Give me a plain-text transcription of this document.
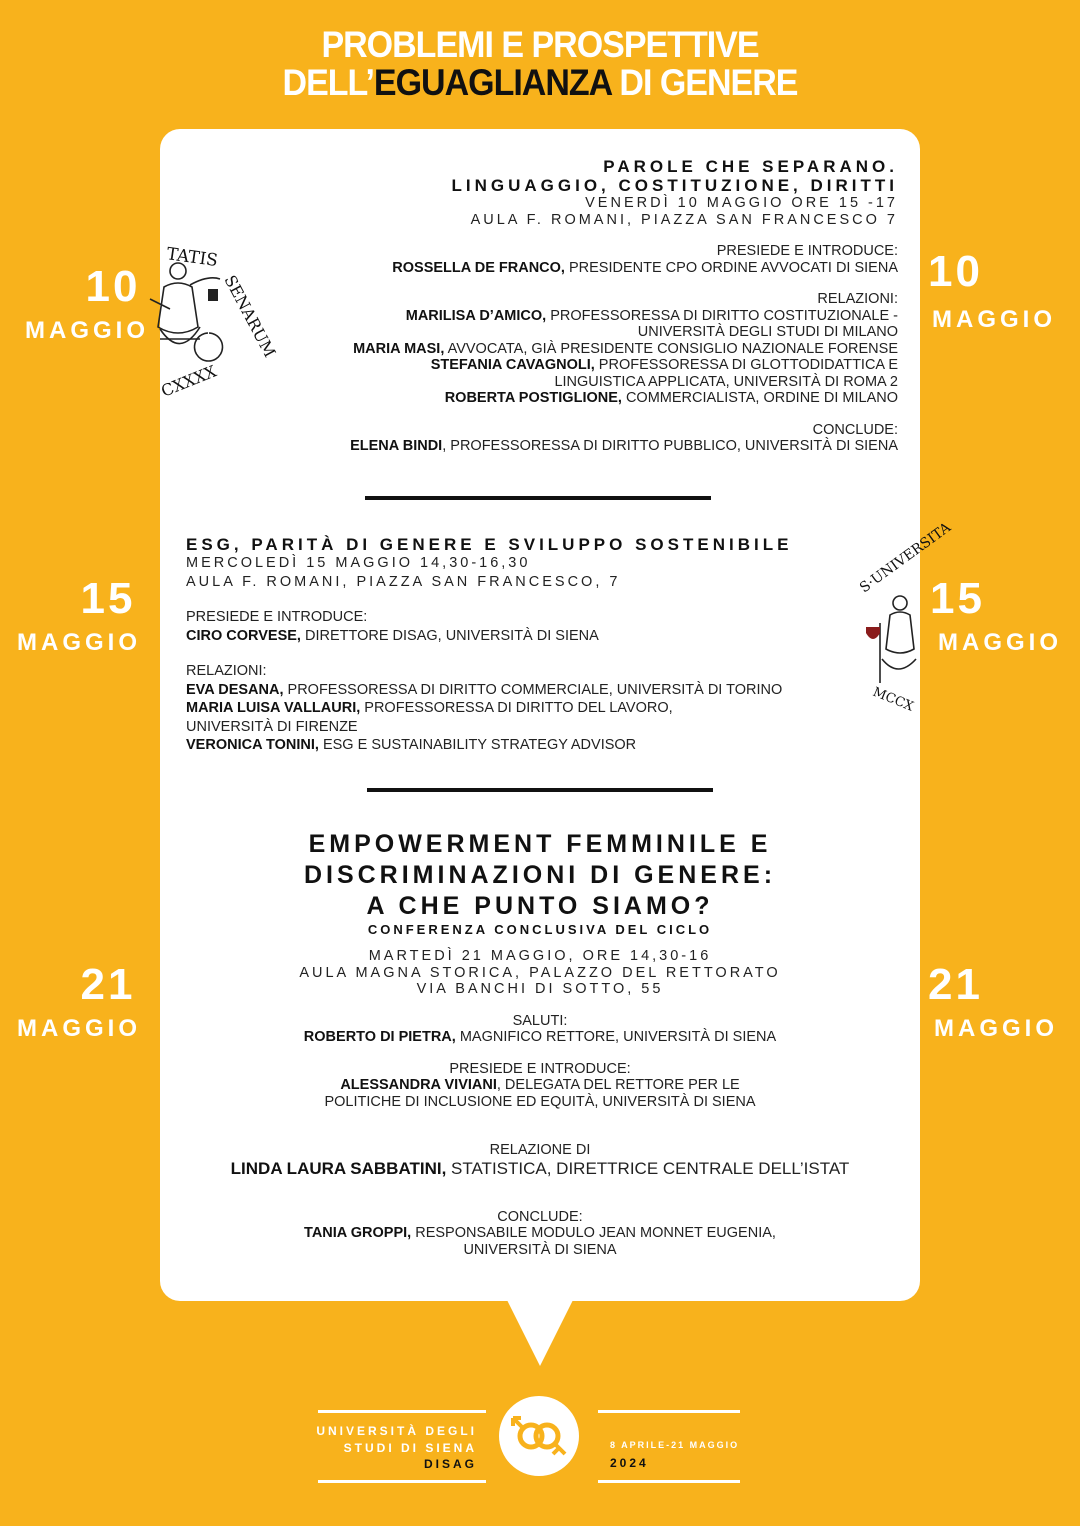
PROBLEMI E PROSPETTIVE
DELL’EGUAGLIANZA DI GENERE
10
MAGGIO
10
MAGGIO
15
MAGGIO
15
MAGGIO
21
MAGGIO
21
MAGGIO
TATIS
SENARUM
CXXXX
S·UNIVERSITA
MCCX
PAROLE CHE SEPARANO.
LINGUAGGIO, COSTITUZIONE, DIRITTI
VENERDÌ 10 MAGGIO ORE 15 -17
AULA F. ROMANI, PIAZZA SAN FRANCESCO 7
PRESIEDE E INTRODUCE:
ROSSELLA DE FRANCO, PRESIDENTE CPO ORDINE AVVOCATI DI SIENA
RELAZIONI:
MARILISA D’AMICO, PROFESSORESSA DI DIRITTO COSTITUZIONALE -
UNIVERSITÀ DEGLI STUDI DI MILANO
MARIA MASI, AVVOCATA, GIÀ PRESIDENTE CONSIGLIO NAZIONALE FORENSE
STEFANIA CAVAGNOLI, PROFESSORESSA DI GLOTTODIDATTICA E
LINGUISTICA APPLICATA, UNIVERSITÀ DI ROMA 2
ROBERTA POSTIGLIONE, COMMERCIALISTA, ORDINE DI MILANO
CONCLUDE:
ELENA BINDI, PROFESSORESSA DI DIRITTO PUBBLICO, UNIVERSITÀ DI SIENA
ESG, PARITÀ DI GENERE E SVILUPPO SOSTENIBILE
MERCOLEDÌ 15 MAGGIO 14,30-16,30
AULA F. ROMANI, PIAZZA SAN FRANCESCO, 7
PRESIEDE E INTRODUCE:
CIRO CORVESE, DIRETTORE DISAG, UNIVERSITÀ DI SIENA
RELAZIONI:
EVA DESANA, PROFESSORESSA DI DIRITTO COMMERCIALE, UNIVERSITÀ DI TORINO
MARIA LUISA VALLAURI, PROFESSORESSA DI DIRITTO DEL LAVORO,
UNIVERSITÀ DI FIRENZE
VERONICA TONINI, ESG E SUSTAINABILITY STRATEGY ADVISOR
EMPOWERMENT FEMMINILE E
DISCRIMINAZIONI DI GENERE:
A CHE PUNTO SIAMO?
CONFERENZA CONCLUSIVA DEL CICLO
MARTEDÌ 21 MAGGIO, ORE 14,30-16
AULA MAGNA STORICA, PALAZZO DEL RETTORATO
VIA BANCHI DI SOTTO, 55
SALUTI:
ROBERTO DI PIETRA, MAGNIFICO RETTORE, UNIVERSITÀ DI SIENA
PRESIEDE E INTRODUCE:
ALESSANDRA VIVIANI, DELEGATA DEL RETTORE PER LE
POLITICHE DI INCLUSIONE ED EQUITÀ, UNIVERSITÀ DI SIENA
RELAZIONE DI
LINDA LAURA SABBATINI, STATISTICA, DIRETTRICE CENTRALE DELL’ISTAT
CONCLUDE:
TANIA GROPPI, RESPONSABILE MODULO JEAN MONNET EUGENIA,
UNIVERSITÀ DI SIENA
UNIVERSITÀ DEGLI
STUDI DI SIENA
DISAG
8 APRILE-21 MAGGIO
2024
